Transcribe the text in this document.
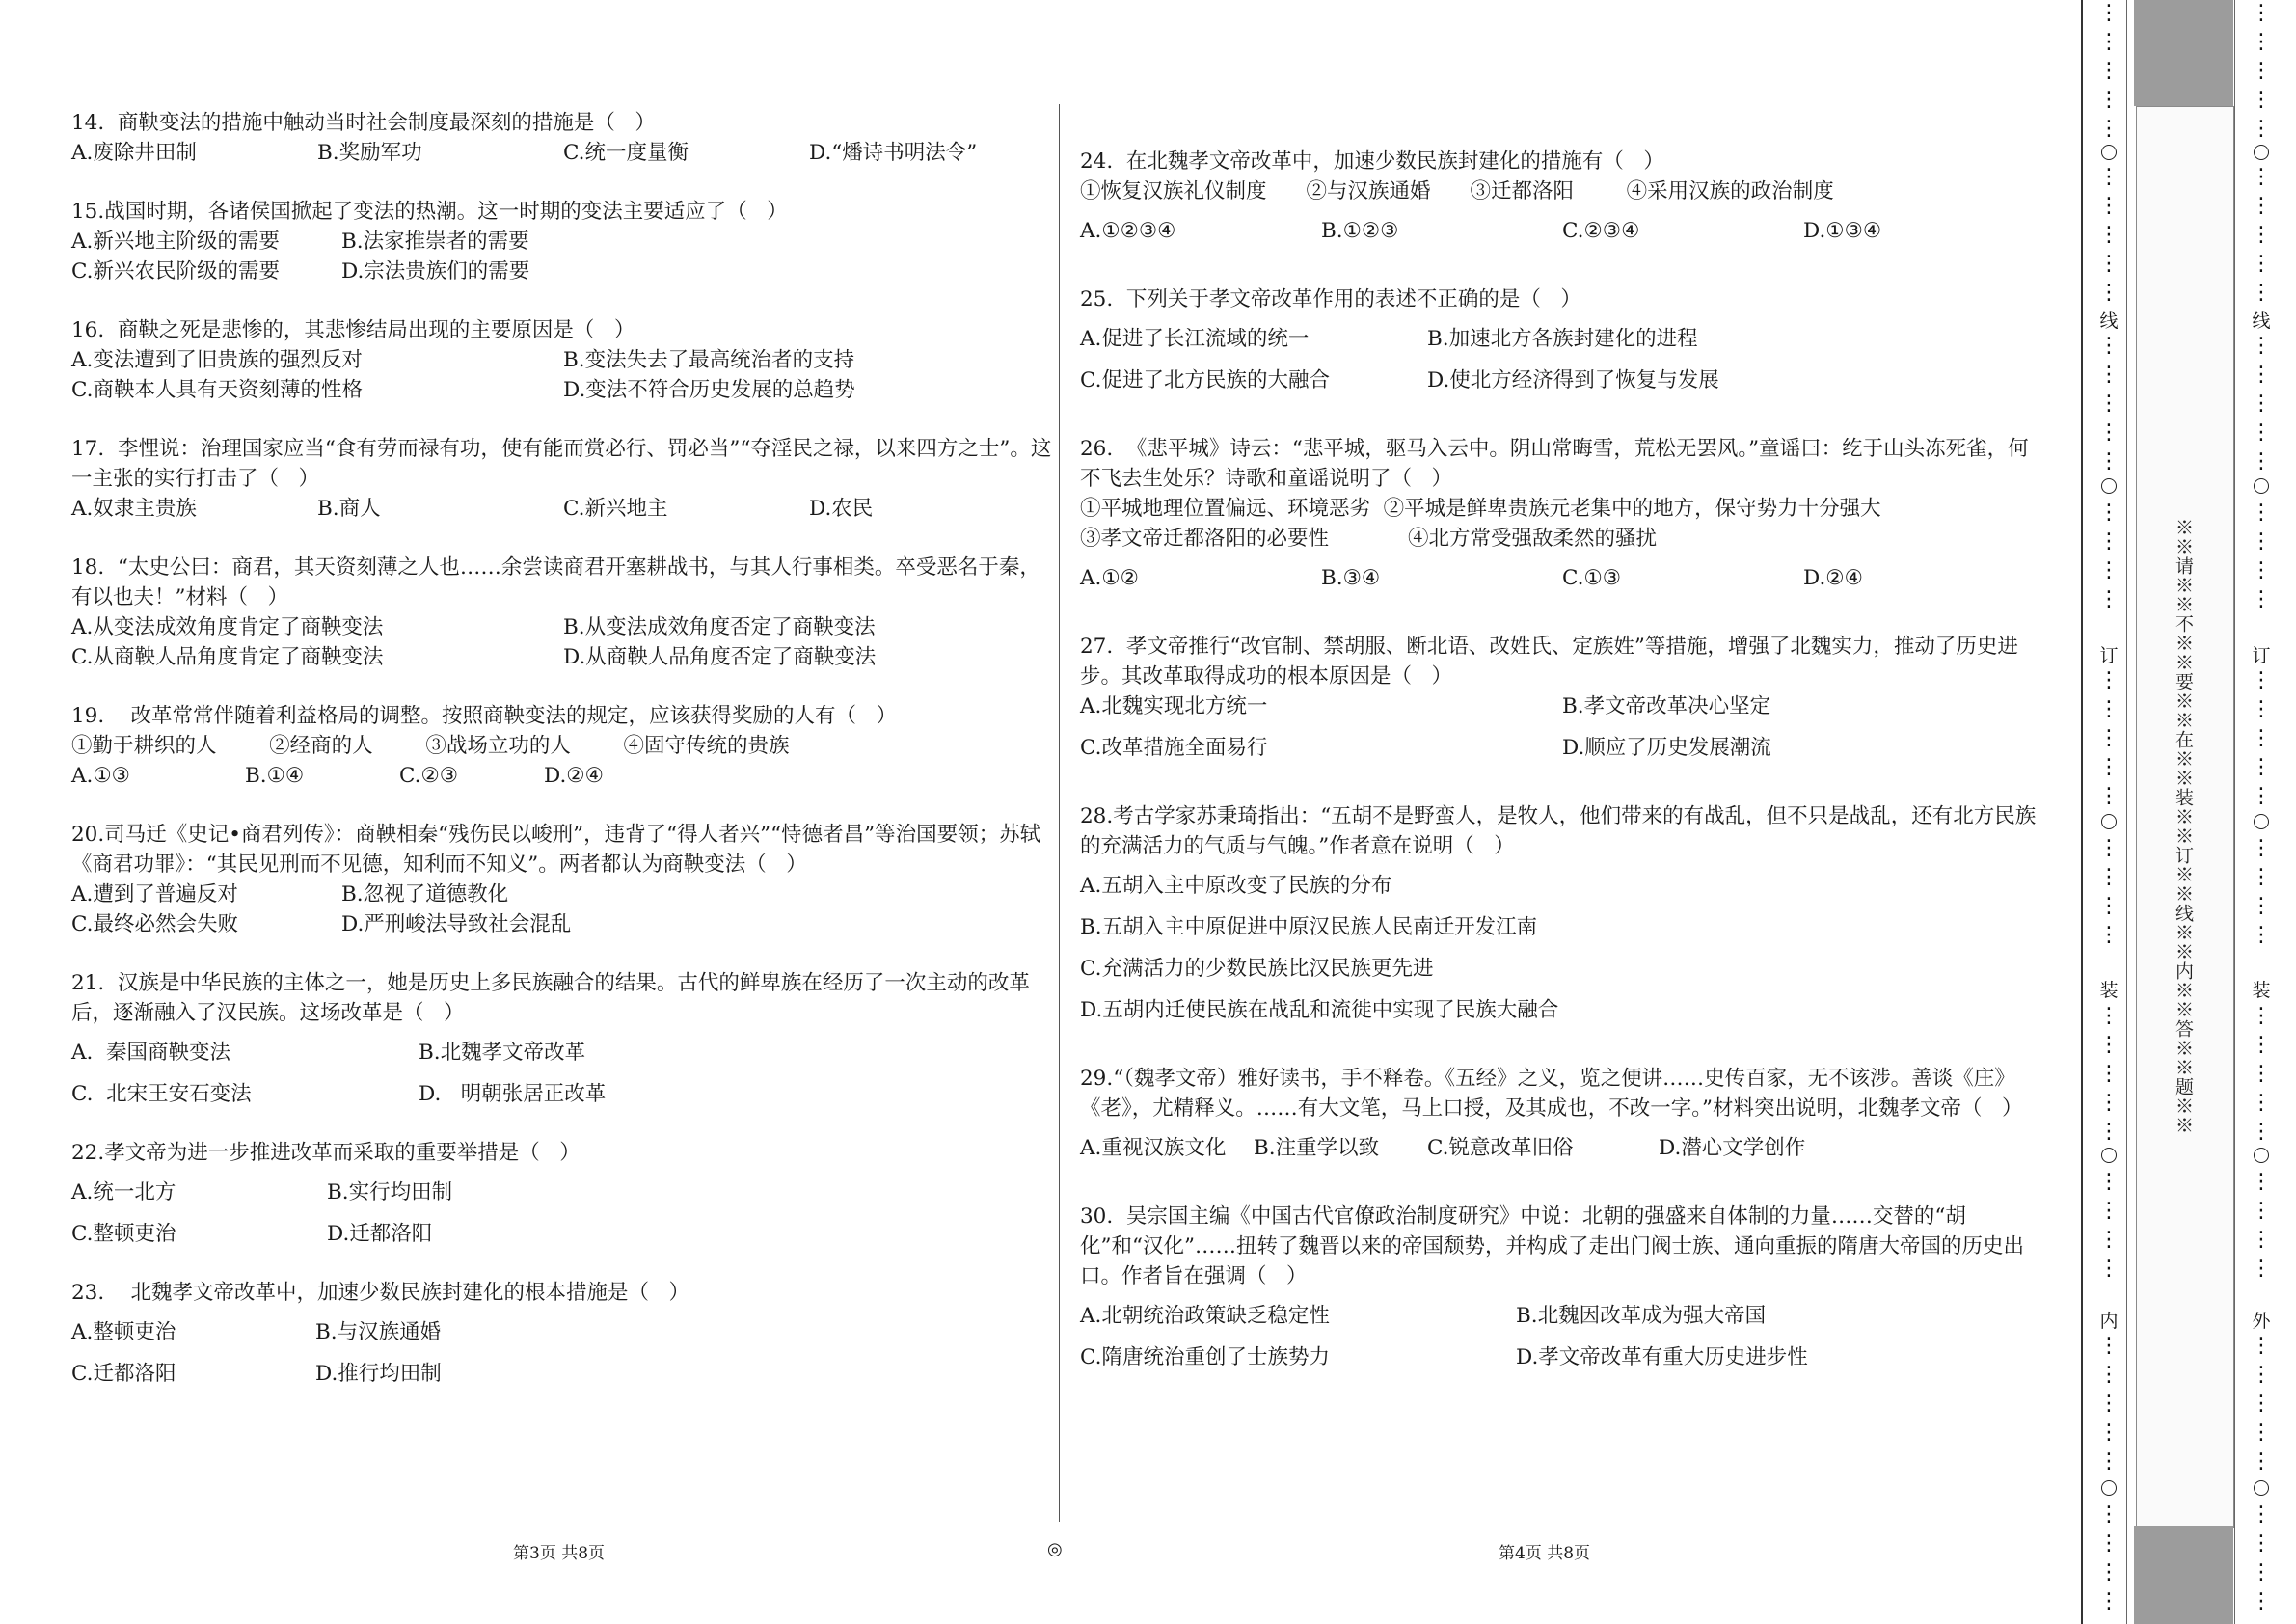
14.  商鞅变法的措施中触动当时社会制度最深刻的措施是（   ）
A.废除井田制	B.奖励军功	C.统一度量衡	D.“燔诗书明法令”
15.战国时期，各诸侯国掀起了变法的热潮。这一时期的变法主要适应了（   ）
A.新兴地主阶级的需要	B.法家推崇者的需要
C.新兴农民阶级的需要	D.宗法贵族们的需要
16.  商鞅之死是悲惨的，其悲惨结局出现的主要原因是（   ）
A.变法遭到了旧贵族的强烈反对	B.变法失去了最高统治者的支持
C.商鞅本人具有天资刻薄的性格	D.变法不符合历史发展的总趋势
17.  李悝说：治理国家应当“食有劳而禄有功，使有能而赏必行、罚必当”“夺淫民之禄，以来四方之士”。这一主张的实行打击了（   ）
A.奴隶主贵族	B.商人	C.新兴地主	D.农民
18.  “太史公曰：商君，其天资刻薄之人也……余尝读商君开塞耕战书，与其人行事相类。卒受恶名于秦，有以也夫！”材料（   ）
A.从变法成效角度肯定了商鞅变法	B.从变法成效角度否定了商鞅变法
C.从商鞅人品角度肯定了商鞅变法	D.从商鞅人品角度否定了商鞅变法
19.    改革常常伴随着利益格局的调整。按照商鞅变法的规定，应该获得奖励的人有（   ）
①勤于耕织的人        ②经商的人        ③战场立功的人        ④固守传统的贵族
A.①③	B.①④	C.②③	D.②④
20.司马迁《史记•商君列传》：商鞅相秦“残伤民以峻刑”，违背了“得人者兴”“恃德者昌”等治国要领；苏轼《商君功罪》：“其民见刑而不见德，知利而不知义”。两者都认为商鞅变法（   ）
A.遭到了普遍反对	B.忽视了道德教化
C.最终必然会失败	D.严刑峻法导致社会混乱
21.  汉族是中华民族的主体之一，她是历史上多民族融合的结果。古代的鲜卑族在经历了一次主动的改革后，逐渐融入了汉民族。这场改革是（   ）
A.  秦国商鞅变法	B.北魏孝文帝改革
C.  北宋王安石变法	D.   明朝张居正改革
22.孝文帝为进一步推进改革而采取的重要举措是（   ）
A.统一北方	B.实行均田制
C.整顿吏治	D.迁都洛阳
23.    北魏孝文帝改革中，加速少数民族封建化的根本措施是（   ）
A.整顿吏治	B.与汉族通婚
C.迁都洛阳	D.推行均田制
24.  在北魏孝文帝改革中，加速少数民族封建化的措施有（   ）
①恢复汉族礼仪制度      ②与汉族通婚      ③迁都洛阳        ④采用汉族的政治制度
A.①②③④	B.①②③	C.②③④	D.①③④
25.  下列关于孝文帝改革作用的表述不正确的是（   ）
A.促进了长江流域的统一	B.加速北方各族封建化的进程
C.促进了北方民族的大融合	D.使北方经济得到了恢复与发展
26.  《悲平城》诗云：“悲平城，驱马入云中。阴山常晦雪，荒松无罢风。”童谣曰：纥于山头冻死雀，何不飞去生处乐？诗歌和童谣说明了（   ）
①平城地理位置偏远、环境恶劣  ②平城是鲜卑贵族元老集中的地方，保守势力十分强大
③孝文帝迁都洛阳的必要性            ④北方常受强敌柔然的骚扰
A.①②	B.③④	C.①③	D.②④
27.  孝文帝推行“改官制、禁胡服、断北语、改姓氏、定族姓”等措施，增强了北魏实力，推动了历史进步。其改革取得成功的根本原因是（   ）
A.北魏实现北方统一	B.孝文帝改革决心坚定
C.改革措施全面易行	D.顺应了历史发展潮流
28.考古学家苏秉琦指出：“五胡不是野蛮人，是牧人，他们带来的有战乱，但不只是战乱，还有北方民族的充满活力的气质与气魄。”作者意在说明（   ）
A.五胡入主中原改变了民族的分布
B.五胡入主中原促进中原汉民族人民南迁开发江南
C.充满活力的少数民族比汉民族更先进
D.五胡内迁使民族在战乱和流徙中实现了民族大融合
29.“（魏孝文帝）雅好读书，手不释卷。《五经》之义，览之便讲……史传百家，无不该涉。善谈《庄》《老》，尤精释义。……有大文笔，马上口授，及其成也，不改一字。”材料突出说明，北魏孝文帝（   ）
A.重视汉族文化	B.注重学以致	C.锐意改革旧俗	D.潜心文学创作
30.  吴宗国主编《中国古代官僚政治制度研究》中说：北朝的强盛来自体制的力量……交替的“胡化”和“汉化”……扭转了魏晋以来的帝国颓势，并构成了走出门阀士族、通向重振的隋唐大帝国的历史出口。作者旨在强调（   ）
A.北朝统治政策缺乏稳定性	B.北魏因改革成为强大帝国
C.隋唐统治重创了士族势力	D.孝文帝改革有重大历史进步性
第3页 共8页	◎	第4页 共8页
※※请※※不※※要※※在※※装※※订※※线※※内※※答※※题※※
⋮
⋮
⋮
⋮
⋮
⋮
⋮
⋮
⋮
⋮
⋮
⋮
⋮
⋮
⋮
⋮
⋮
⋮
⋮
⋮
⋮
⋮
⋮
⋮
⋮
⋮
⋮
⋮
⋮
⋮
⋮
⋮
⋮
⋮
⋮
⋮
⋮
⋮
⋮
⋮
⋮
⋮
⋮
⋮
⋮
⋮
线
订
装
内
⋮
⋮
⋮
⋮
⋮
⋮
⋮
⋮
⋮
⋮
⋮
⋮
⋮
⋮
⋮
⋮
⋮
⋮
⋮
⋮
⋮
⋮
⋮
⋮
⋮
⋮
⋮
⋮
⋮
⋮
⋮
⋮
⋮
⋮
⋮
⋮
⋮
⋮
⋮
⋮
⋮
⋮
⋮
⋮
⋮
⋮
线
订
装
外
